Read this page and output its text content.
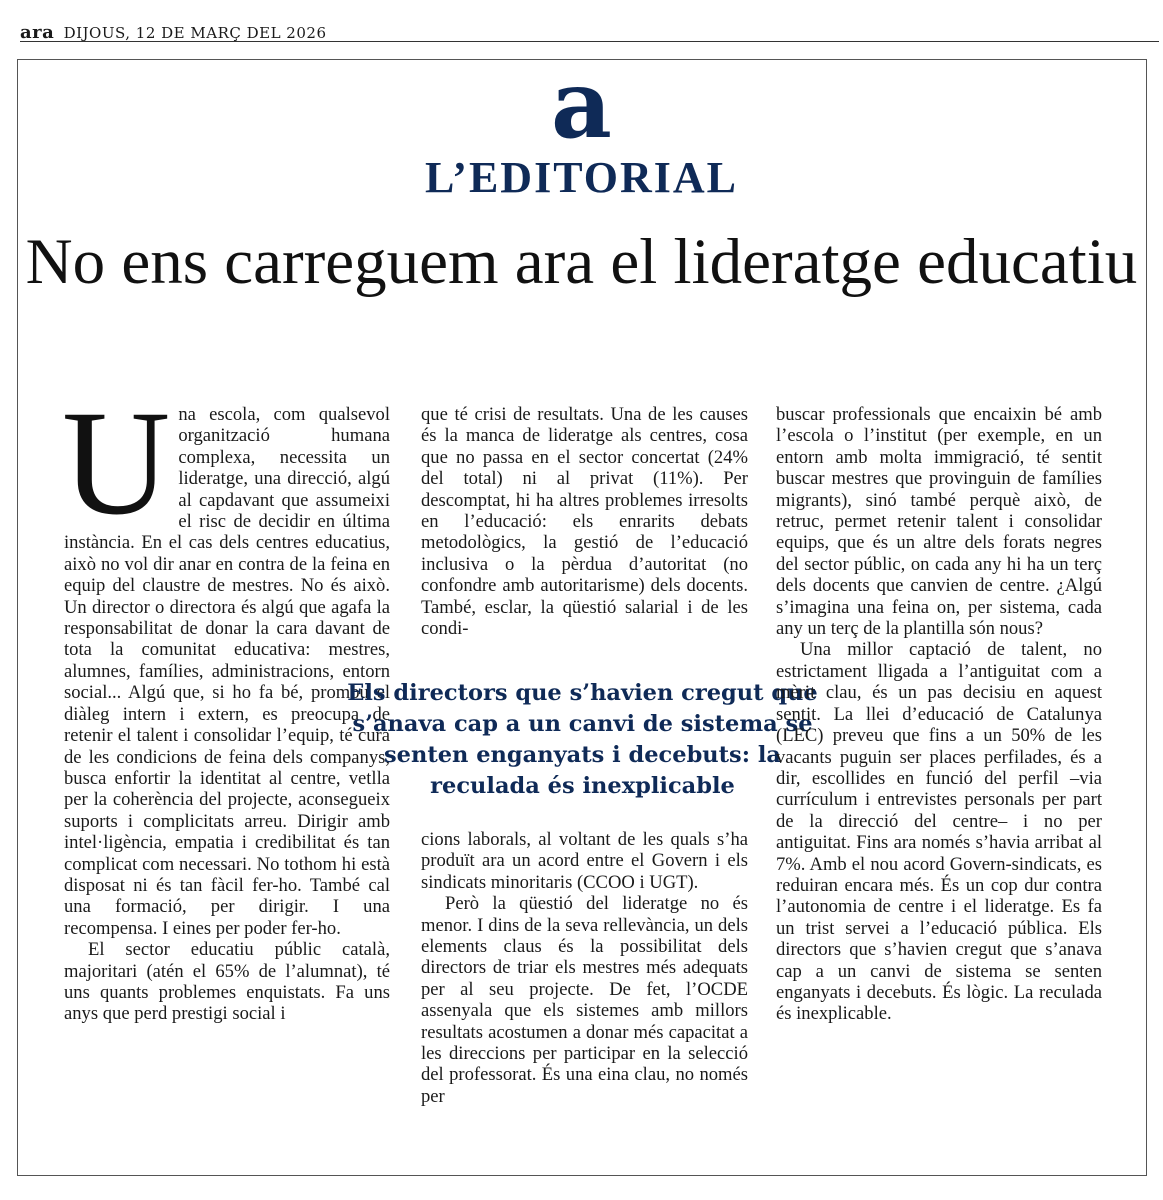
ara DIJOUS, 12 DE MARÇ DEL 2026
a
L’EDITORIAL
No ens carreguem ara el lideratge educatiu
U na escola, com qualsevol organització humana complexa, necessita un lideratge, una direcció, algú al capdavant que assumeixi el risc de decidir en última instància. En el cas dels centres educatius, això no vol dir anar en contra de la feina en equip del claustre de mestres. No és això. Un director o directora és algú que agafa la responsabilitat de donar la cara davant de tota la comunitat educativa: mestres, alumnes, famílies, administracions, entorn social... Algú que, si ho fa bé, promou el diàleg intern i extern, es preocupa de retenir el talent i consolidar l’equip, té cura de les condicions de feina dels companys, busca enfortir la identitat al centre, vetlla per la coherència del projecte, aconsegueix suports i complicitats arreu. Dirigir amb intel·ligència, empatia i credibilitat és tan complicat com necessari. No tothom hi està disposat ni és tan fàcil fer-ho. També cal una formació, per dirigir. I una recompensa. I eines per poder fer-ho.

El sector educatiu públic català, majoritari (atén el 65% de l’alumnat), té uns quants problemes enquistats. Fa uns anys que perd prestigi social i

que té crisi de resultats. Una de les causes és la manca de lideratge als centres, cosa que no passa en el sector concertat (24% del total) ni al privat (11%). Per descomptat, hi ha altres problemes irresolts en l’educació: els enrarits debats metodològics, la gestió de l’educació inclusiva o la pèrdua d’autoritat (no confondre amb autoritarisme) dels docents. També, esclar, la qüestió salarial i de les condi-

Els directors que s’havien cregut que s’anava cap a un canvi de sistema se senten enganyats i decebuts: la reculada és inexplicable

cions laborals, al voltant de les quals s’ha produït ara un acord entre el Govern i els sindicats minoritaris (CCOO i UGT).

Però la qüestió del lideratge no és menor. I dins de la seva rellevància, un dels elements claus és la possibilitat dels directors de triar els mestres més adequats per al seu projecte. De fet, l’OCDE assenyala que els sistemes amb millors resultats acostumen a donar més capacitat a les direccions per participar en la selecció del professorat. És una eina clau, no només per

buscar professionals que encaixin bé amb l’escola o l’institut (per exemple, en un entorn amb molta immigració, té sentit buscar mestres que provinguin de famílies migrants), sinó també perquè això, de retruc, permet retenir talent i consolidar equips, que és un altre dels forats negres del sector públic, on cada any hi ha un terç dels docents que canvien de centre. ¿Algú s’imagina una feina on, per sistema, cada any un terç de la plantilla són nous?

Una millor captació de talent, no estrictament lligada a l’antiguitat com a mèrit clau, és un pas decisiu en aquest sentit. La llei d’educació de Catalunya (LEC) preveu que fins a un 50% de les vacants puguin ser places perfilades, és a dir, escollides en funció del perfil –via currículum i entrevistes personals per part de la direcció del centre– i no per antiguitat. Fins ara només s’havia arribat al 7%. Amb el nou acord Govern-sindicats, es reduiran encara més. És un cop dur contra l’autonomia de centre i el lideratge. Es fa un trist servei a l’educació pública. Els directors que s’havien cregut que s’anava cap a un canvi de sistema se senten enganyats i decebuts. És lògic. La reculada és inexplicable.
